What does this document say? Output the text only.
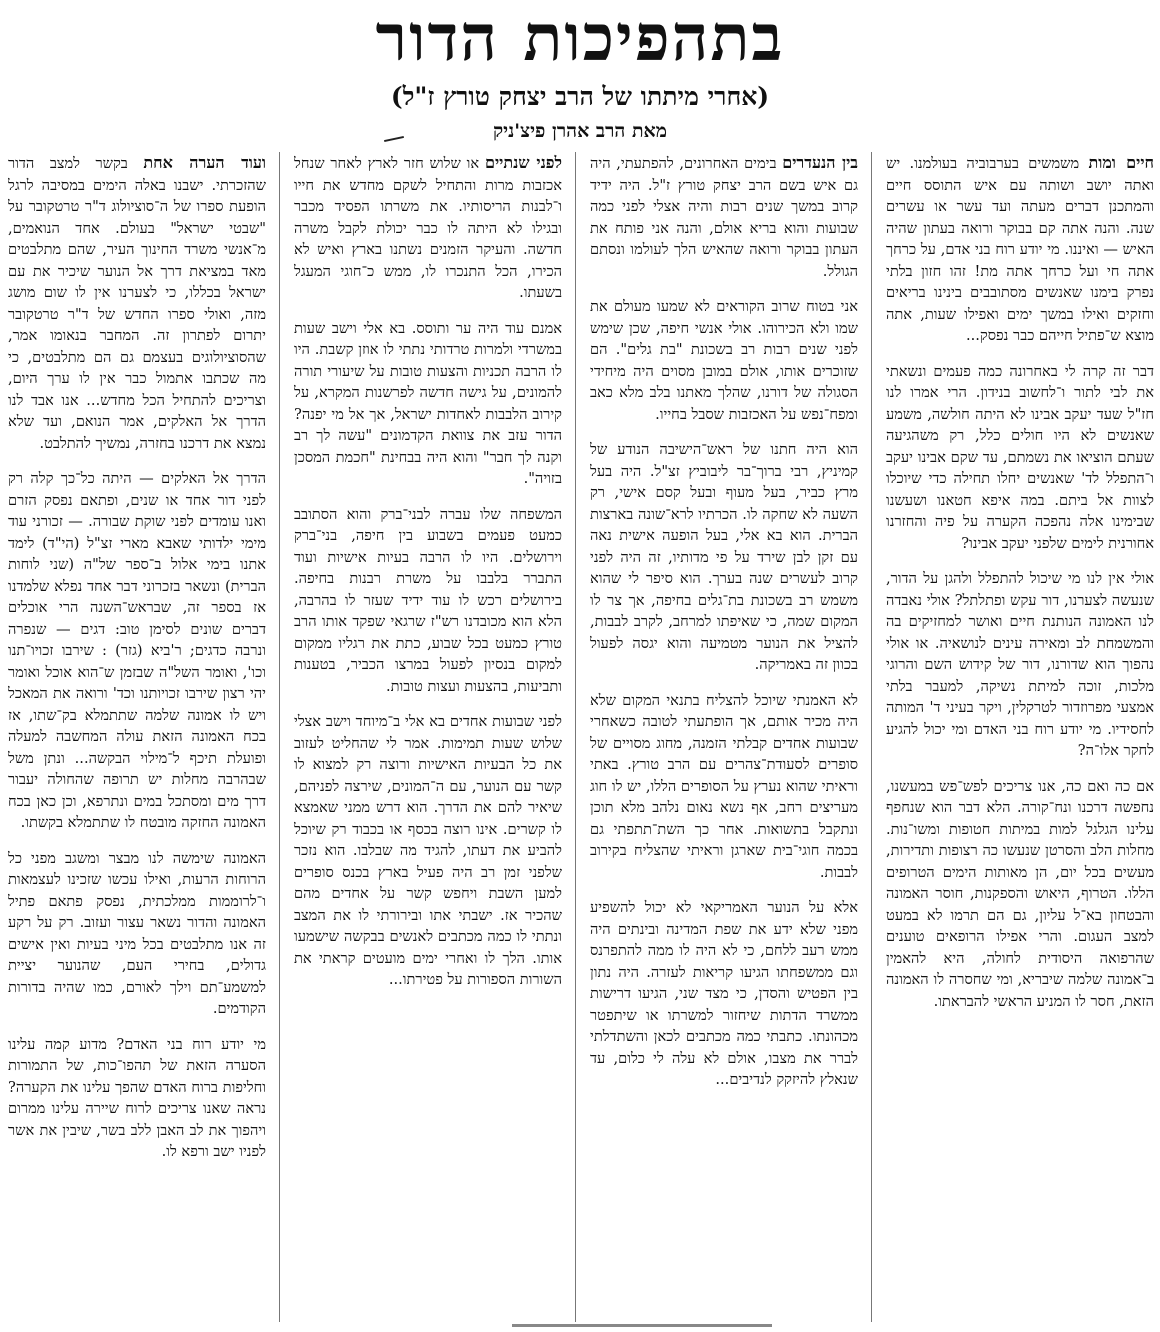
בתהפיכות הדור
(אחרי מיתתו של הרב יצחק טורץ ז"ל)
מאת הרב אהרן פיצ'ניק

חיים ומות משמשים בערבוביה בעולמנו. יש ואתה יושב ושותה עם איש התוסס חיים והמתכנן דברים מעתה ועד עשר או עשרים שנה. והנה אתה קם בבוקר ורואה בעתון שהיה האיש — ואיננו. מי יודע רוח בני אדם, על כרחך אתה חי ועל כרחך אתה מת! זהו חזון בלתי נפרק בימנו שאנשים מסתובבים בינינו בריאים וחזקים ואילו במשך ימים ואפילו שעות, אתה מוצא ש־פתיל חייהם כבר נפסק...

דבר זה קרה לי באחרונה כמה פעמים ונשאתי את לבי לתור ו־לחשוב בנידון. הרי אמרו לנו חז"ל שעד יעקב אבינו לא היתה חולשה, משמע שאנשים לא היו חולים כלל, רק משהגיעה שעתם הוציאו את נשמתם, עד שקם אבינו יעקב ו־התפלל לד' שאנשים יחלו תחילה כדי שיוכלו לצוות אל ביתם. במה איפא חטאנו ושעשנו שבימינו אלה נהפכה הקערה על פיה והחזרנו אחורנית לימים שלפני יעקב אבינו?

אולי אין לנו מי שיכול להתפלל ולהגן על הדור, שנעשה לצערנו, דור עקש ופתלתל? אולי נאבדה לנו האמונה הנותנת חיים ואושר למחזיקים בה והמשמחת לב ומאירה עינים לנושאיה. או אולי נהפוך הוא שדורנו, דור של קידוש השם והרוגי מלכות, זוכה למיתת נשיקה, למעבר בלתי אמצעי מפרוזדור לטרקלין, ויקר בעיני ד' המותה לחסידיו. מי יודע רוח בני האדם ומי יכול להגיע לחקר אלו־ה?

אם כה ואם כה, אנו צריכים לפש־פש במעשנו, נחפשה דרכנו ונח־קורה. הלא דבר הוא שנחפף עלינו הגלגל למות במיתות חטופות ומשו־נות. מחלות הלב והסרטן שנעשו כה רצופות ותדירות, מעשים בכל יום, הן מאותות הימים הטרופים הללו. הטרוף, היאוש והספקנות, חוסר האמונה והבטחון בא־ל עליון, גם הם תרמו לא במעט למצב העגום. והרי אפילו הרופאים טוענים שהרפואה היסודית לחולה, היא להאמין ב־אמונה שלמה שיבריא, ומי שחסרה לו האמונה הזאת, חסר לו המניע הראשי להבראתו.

בין הנעדרים בימים האחרונים, להפתעתי, היה גם איש בשם הרב יצחק טורץ ז"ל. היה ידיד קרוב במשך שנים רבות והיה אצלי לפני כמה שבועות והוא בריא אולם, והנה אני פותח את העתון בבוקר ורואה שהאיש הלך לעולמו ונסתם הגולל.

אני בטוח שרוב הקוראים לא שמעו מעולם את שמו ולא הכירוהו. אולי אנשי חיפה, שכן שימש לפני שנים רבות רב בשכונת "בת גלים". הם שזוכרים אותו, אולם במובן מסוים היה מיחידי הסגולה של דורנו, שהלך מאתנו בלב מלא כאב ומפח־נפש על האכזבות שסבל בחייו.

הוא היה חתנו של ראש־הישיבה הנודע של קמיניץ, רבי ברוך־בר ליבוביץ זצ"ל. היה בעל מרץ כביר, בעל מעוף ובעל קסם אישי, רק השעה לא שחקה לו. הכרתיו לרא־שונה בארצות הברית. הוא בא אלי, בעל הופעה אישית נאה עם זקן לבן שירד על פי מדותיו, זה היה לפני קרוב לעשרים שנה בערך. הוא סיפר לי שהוא משמש רב בשכונת בת־גלים בחיפה, אך צר לו המקום שמה, כי שאיפתו למרחב, לקרב לבבות, להציל את הנוער מטמיעה והוא יגסה לפעול בכוון זה באמריקה.

לא האמנתי שיוכל להצליח בתנאי המקום שלא היה מכיר אותם, אך הופתעתי לטובה כשאחרי שבועות אחדים קבלתי הזמנה, מחוג מסויים של סופרים לסעודת־צהרים עם הרב טורץ. באתי וראיתי שהוא נערץ על הסופרים הללו, יש לו חוג מעריצים רחב, אף נשא נאום נלהב מלא תוכן ונתקבל בתשואות. אחר כך השת־תתפתי גם בכמה חוגי־בית שארגן וראיתי שהצליח בקירוב לבבות.

אלא על הנוער האמריקאי לא יכול להשפיע מפני שלא ידע את שפת המדינה ובינתים היה ממש רעב ללחם, כי לא היה לו ממה להתפרנס וגם ממשפחתו הגיעו קריאות לעזרה. היה נתון בין הפטיש והסדן, כי מצד שני, הגיעו דרישות ממשרד הדתות שיחזור למשרתו או שיתפטר מכהונתו. כתבתי כמה מכתבים לכאן והשתדלתי לברר את מצבו, אולם לא עלה לי כלום, עד שנאלץ להיזקק לנדיבים...

לפני שנתיים או שלוש חזר לארץ לאחר שנחל אכזבות מרות והתחיל לשקם מחדש את חייו ו־לבנות הריסותיו. את משרתו הפסיד מכבר ובגילו לא היתה לו כבר יכולת לקבל משרה חדשה. והעיקר הזמנים נשתנו בארץ ואיש לא הכירו, הכל התנכרו לו, ממש כ־חוגי המעגל בשעתו.

אמנם עוד היה ער ותוסס. בא אלי וישב שעות במשרדי ולמרות טרדותי נתתי לו אוזן קשבת. היו לו הרבה תכניות והצעות טובות על שיעורי תורה להמונים, על גישה חדשה לפרשנות המקרא, על קירוב הלבבות לאחדות ישראל, אך אל מי יפנה? הדור עזב את צוואת הקדמונים "עשה לך רב וקנה לך חבר" והוא היה בבחינת "חכמת המסכן בזויה".

המשפחה שלו עברה לבני־ברק והוא הסתובב כמעט פעמים בשבוע בין חיפה, בני־ברק וירושלים. היו לו הרבה בעיות אישיות ועוד התברר בלבבו על משרת רבנות בחיפה. בירושלים רכש לו עוד ידיד שעזר לו בהרבה, הלא הוא מכובדנו רש"ז שרגאי שפקד אותו הרב טורץ כמעט בכל שבוע, כתת את רגליו ממקום למקום בנסיון לפעול במרצו הכביר, בטענות ותביעות, בהצעות ועצות טובות.

לפני שבועות אחדים בא אלי ב־מיוחד וישב אצלי שלוש שעות תמימות. אמר לי שהחליט לעזוב את כל הבעיות האישיות ורוצה רק למצוא לו קשר עם הנוער, עם ה־המונים, שירצה לפניהם, שיאיר להם את הדרך. הוא דרש ממני שאמצא לו קשרים. אינו רוצה בכסף או בכבוד רק שיוכל להביע את דעתו, להגיד מה שבלבו. הוא נזכר שלפני זמן רב היה פעיל בארץ בכנס סופרים למען השבת ויחפש קשר על אחדים מהם שהכיר אז. ישבתי אתו ובירורתי לו את המצב ונתתי לו כמה מכתבים לאנשים בבקשה שישמעו אותו. הלך לו ואחרי ימים מועטים קראתי את השורות הספורות על פטירתו...

ועוד הערה אחת בקשר למצב הדור שהזכרתי. ישבנו באלה הימים במסיבה לרגל הופעת ספרו של ה־סוציולוג ד"ר טרטקובר על "שבטי ישראל" בעולם. אחד הנואמים, מ־אנשי משרד החינוך העיר, שהם מתלבטים מאד במציאת דרך אל הנוער שיכיר את עם ישראל בכללו, כי לצערנו אין לו שום מושג מזה, ואולי ספרו החדש של ד"ר טרטקובר יתרום לפתרון זה. המחבר בנאומו אמר, שהסוציולוגים בעצמם גם הם מתלבטים, כי מה שכתבו אתמול כבר אין לו ערך היום, וצריכים להתחיל הכל מחדש... אנו אבד לנו הדרך אל האלקים, אמר הנואם, ועד שלא נמצא את דרכנו בחזרה, נמשיך להתלבט.

הדרך אל האלקים — היתה כל־כך קלה רק לפני דור אחד או שנים, ופתאם נפסק הזרם ואנו עומדים לפני שוקת שבורה. — זכורני עוד מימי ילדותי שאבא מארי זצ"ל (הי"ד) לימד אתנו בימי אלול ב־ספר של"ה (שני לוחות הברית) ונשאר בזכרוני דבר אחד נפלא שלמדנו אז בספר זה, שבראש־השנה הרי אוכלים דברים שונים לסימן טוב: דגים — שנפרה ונרבה כדגים; ר'ביא (גזר) : שירבו זכויו־תנו וכו', ואומר השל"ה שבזמן ש־הוא אוכל ואומר יהי רצון שירבו זכויותנו וכד' ורואה את המאכל ויש לו אמונה שלמה שתתמלא בק־שתו, אז בכח האמונה הזאת עולה המחשבה למעלה ופועלת תיכף ל־מילוי הבקשה... ונתן משל שבהרבה מחלות יש תרופה שהחולה יעבור דרך מים ומסתכל במים ונתרפא, וכן כאן בכח האמונה החזקה מובטח לו שתתמלא בקשתו.

האמונה שימשה לנו מבצר ומשגב מפני כל הרוחות הרעות, ואילו עכשו שזכינו לעצמאות ו־לרוממות ממלכתית, נפסק פתאם פתיל האמונה והדור נשאר עצור ועזוב. רק על רקע זה אנו מתלבטים בכל מיני בעיות ואין אישים גדולים, בחירי העם, שהנוער יציית למשמע־תם וילך לאורם, כמו שהיה בדורות הקודמים.

מי יודע רוח בני האדם? מדוע קמה עלינו הסערה הזאת של תהפו־כות, של התמורות וחליפות ברוח האדם שהפך עלינו את הקערה? נראה שאנו צריכים לרוח שיירה עלינו ממרום ויהפוך את לב האבן ללב בשר, שיבין את אשר לפניו ישב ורפא לו.
